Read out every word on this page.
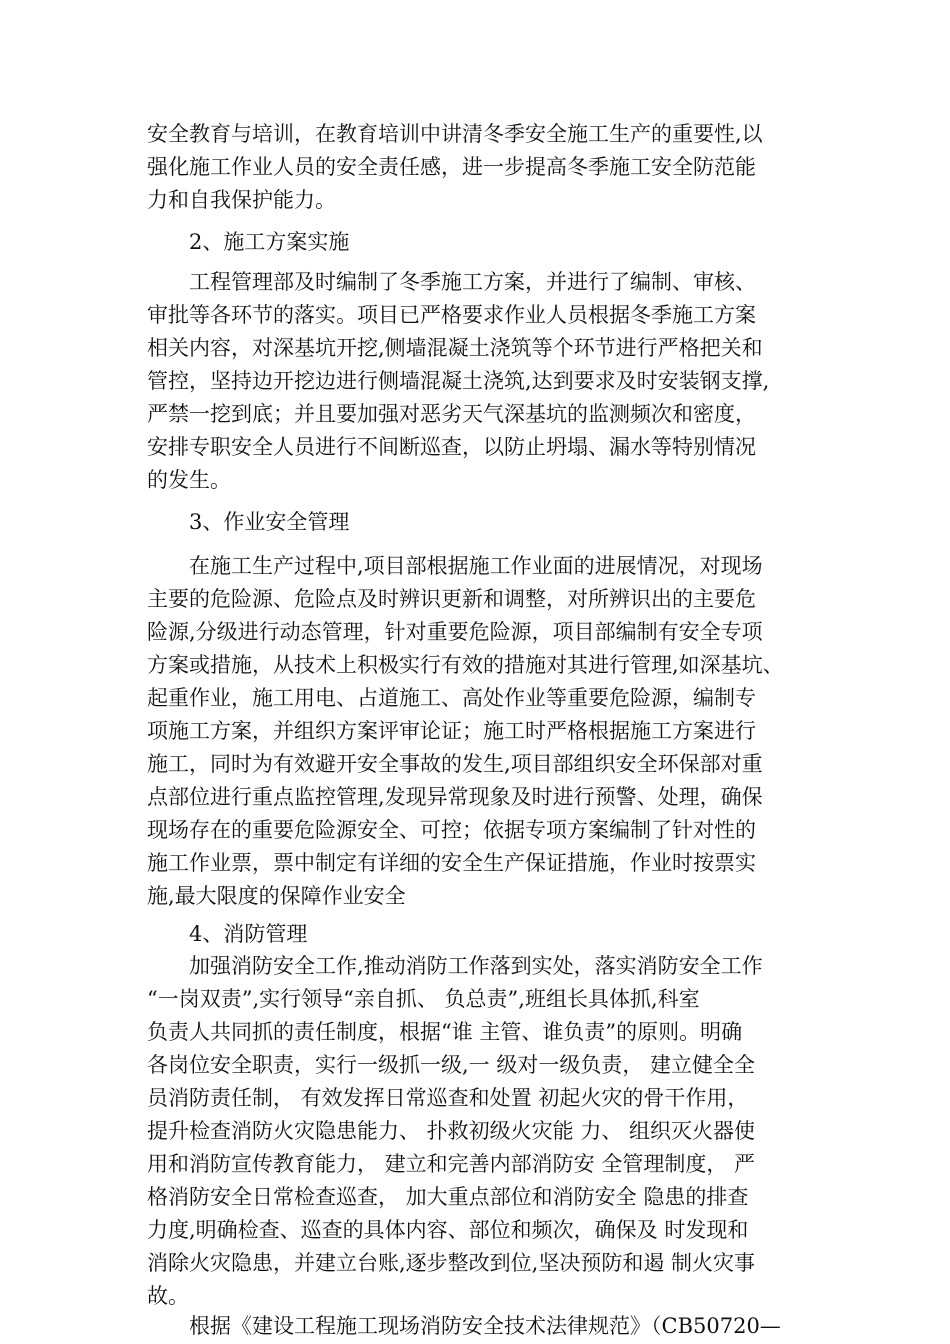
安全教育与培训，在教育培训中讲清冬季安全施工生产的重要性,以
强化施工作业人员的安全责任感，进一步提高冬季施工安全防范能
力和自我保护能力。
2、施工方案实施
工程管理部及时编制了冬季施工方案，并进行了编制、审核、
审批等各环节的落实。项目已严格要求作业人员根据冬季施工方案
相关内容，对深基坑开挖,侧墙混凝土浇筑等个环节进行严格把关和
管控，坚持边开挖边进行侧墙混凝土浇筑,达到要求及时安装钢支撑,
严禁一挖到底；并且要加强对恶劣天气深基坑的监测频次和密度，
安排专职安全人员进行不间断巡查，以防止坍塌、漏水等特别情况
的发生。
3、作业安全管理
在施工生产过程中,项目部根据施工作业面的进展情况，对现场
主要的危险源、危险点及时辨识更新和调整，对所辨识出的主要危
险源,分级进行动态管理，针对重要危险源，项目部编制有安全专项
方案或措施，从技术上积极实行有效的措施对其进行管理,如深基坑、
起重作业，施工用电、占道施工、高处作业等重要危险源，编制专
项施工方案，并组织方案评审论证；施工时严格根据施工方案进行
施工，同时为有效避开安全事故的发生,项目部组织安全环保部对重
点部位进行重点监控管理,发现异常现象及时进行预警、处理，确保
现场存在的重要危险源安全、可控；依据专项方案编制了针对性的
施工作业票，票中制定有详细的安全生产保证措施，作业时按票实
施,最大限度的保障作业安全
4、消防管理
加强消防安全工作,推动消防工作落到实处，落实消防安全工作
“一岗双责”,实行领导“亲自抓、 负总责”,班组长具体抓,科室
负责人共同抓的责任制度，根据“谁 主管、谁负责”的原则。明确
各岗位安全职责，实行一级抓一级,一 级对一级负责， 建立健全全
员消防责任制， 有效发挥日常巡查和处置 初起火灾的骨干作用，
提升检查消防火灾隐患能力、 扑救初级火灾能 力、 组织灭火器使
用和消防宣传教育能力， 建立和完善内部消防安 全管理制度， 严
格消防安全日常检查巡查， 加大重点部位和消防安全 隐患的排查
力度,明确检查、巡查的具体内容、部位和频次，确保及 时发现和
消除火灾隐患，并建立台账,逐步整改到位,坚决预防和遏 制火灾事
故。
根据《建设工程施工现场消防安全技术法律规范》（CB50720—
